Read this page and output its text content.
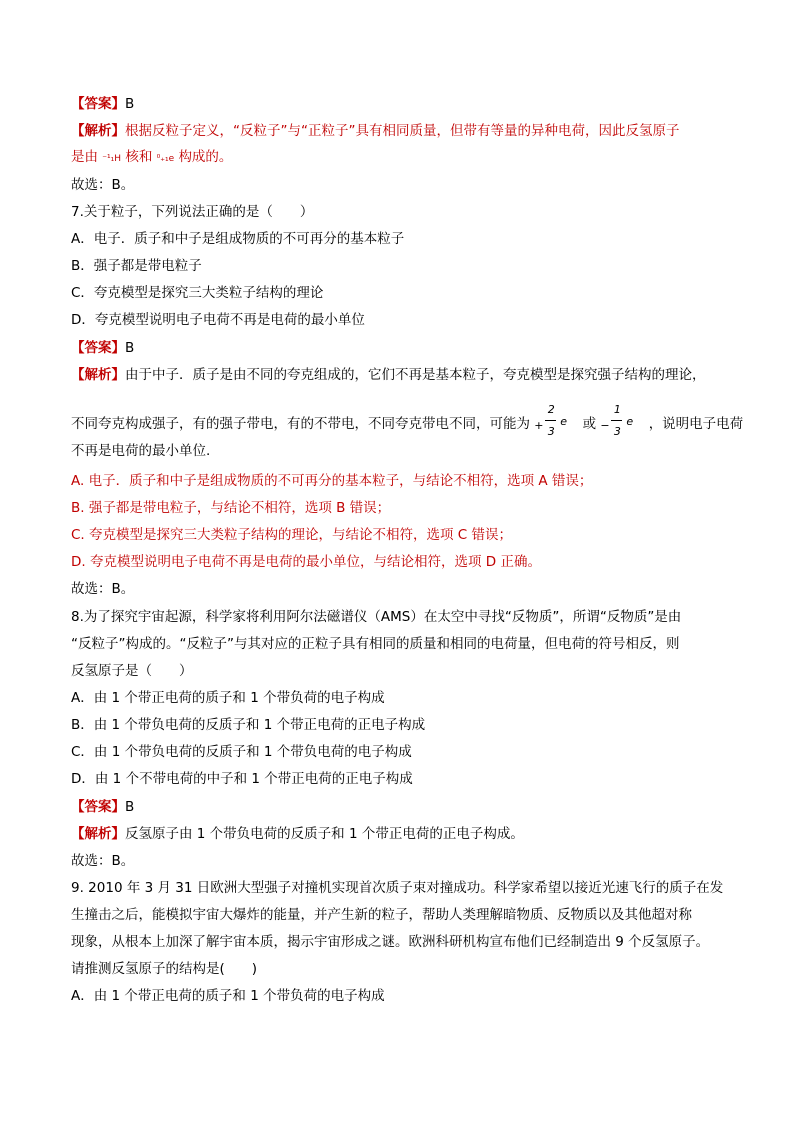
【答案】B
【解析】根据反粒子定义，“反粒子”与“正粒子”具有相同质量，但带有等量的异种电荷，因此反氢原子
是由 ⁻¹₁H 核和 ⁰₊₁e 构成的。
故选：B。
7.关于粒子，下列说法正确的是（　　）
A．电子．质子和中子是组成物质的不可再分的基本粒子
B．强子都是带电粒子
C．夸克模型是探究三大类粒子结构的理论
D．夸克模型说明电子电荷不再是电荷的最小单位
【答案】B
【解析】由于中子．质子是由不同的夸克组成的，它们不再是基本粒子，夸克模型是探究强子结构的理论，
不同夸克构成强子，有的强子带电，有的不带电，不同夸克带电不同，可能为 +
2
3
e 或 −
1
3
e ，说明电子电荷
不再是电荷的最小单位.
A. 电子．质子和中子是组成物质的不可再分的基本粒子，与结论不相符，选项 A 错误；
B. 强子都是带电粒子，与结论不相符，选项 B 错误；
C. 夸克模型是探究三大类粒子结构的理论，与结论不相符，选项 C 错误；
D. 夸克模型说明电子电荷不再是电荷的最小单位，与结论相符，选项 D 正确。
故选：B。
8.为了探究宇宙起源，科学家将利用阿尔法磁谱仪（AMS）在太空中寻找“反物质”，所谓“反物质”是由
“反粒子”构成的。“反粒子”与其对应的正粒子具有相同的质量和相同的电荷量，但电荷的符号相反，则
反氢原子是（　　）
A．由 1 个带正电荷的质子和 1 个带负荷的电子构成
B．由 1 个带负电荷的反质子和 1 个带正电荷的正电子构成
C．由 1 个带负电荷的反质子和 1 个带负电荷的电子构成
D．由 1 个不带电荷的中子和 1 个带正电荷的正电子构成
【答案】B
【解析】反氢原子由 1 个带负电荷的反质子和 1 个带正电荷的正电子构成。
故选：B。
9. 2010 年 3 月 31 日欧洲大型强子对撞机实现首次质子束对撞成功。科学家希望以接近光速飞行的质子在发
生撞击之后，能模拟宇宙大爆炸的能量，并产生新的粒子，帮助人类理解暗物质、反物质以及其他超对称
现象，从根本上加深了解宇宙本质，揭示宇宙形成之谜。欧洲科研机构宣布他们已经制造出 9 个反氢原子。
请推测反氢原子的结构是(　　)
A．由 1 个带正电荷的质子和 1 个带负荷的电子构成
